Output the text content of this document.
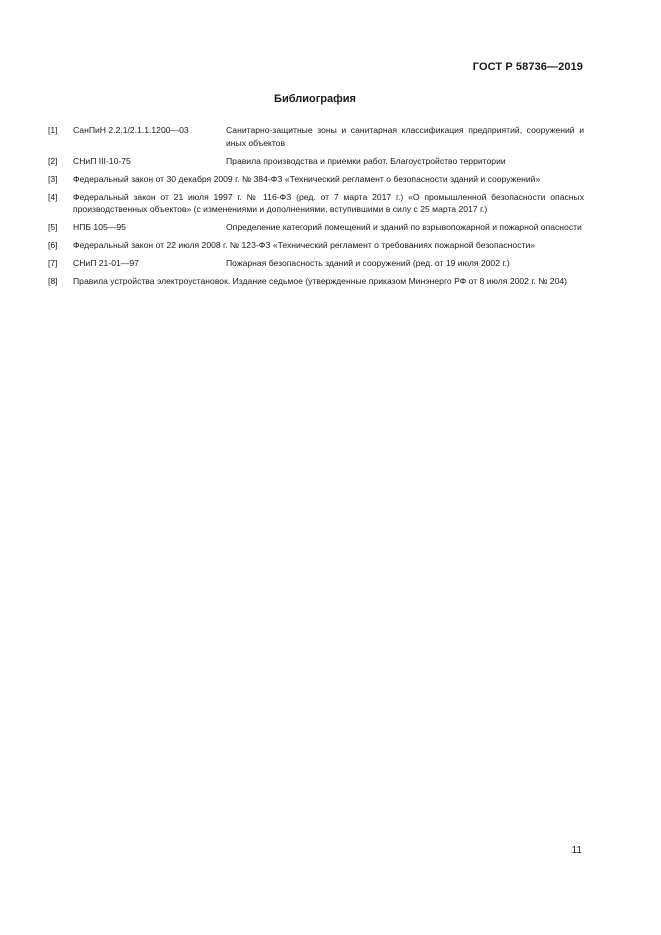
ГОСТ Р 58736—2019
Библиография
[1] СанПиН 2.2.1/2.1.1.1200—03	Санитарно-защитные зоны и санитарная классификация предприятий, сооружений и иных объектов
[2] СНиП III-10-75	Правила производства и приемки работ. Благоустройство территории
[3] Федеральный закон от 30 декабря 2009 г. № 384-ФЗ «Технический регламент о безопасности зданий и сооружений»
[4] Федеральный закон от 21 июля 1997 г. № 116-ФЗ (ред. от 7 марта 2017 г.) «О промышленной безопасности опасных производственных объектов» (с изменениями и дополнениями, вступившими в силу с 25 марта 2017 г.)
[5] НПБ 105—95	Определение категорий помещений и зданий по взрывопожарной и пожарной опасности
[6] Федеральный закон от 22 июля 2008 г. № 123-ФЗ «Технический регламент о требованиях пожарной безопасности»
[7] СНиП 21-01—97	Пожарная безопасность зданий и сооружений (ред. от 19 июля 2002 г.)
[8] Правила устройства электроустановок. Издание седьмое (утвержденные приказом Минэнерго РФ от 8 июля 2002 г. № 204)
11
